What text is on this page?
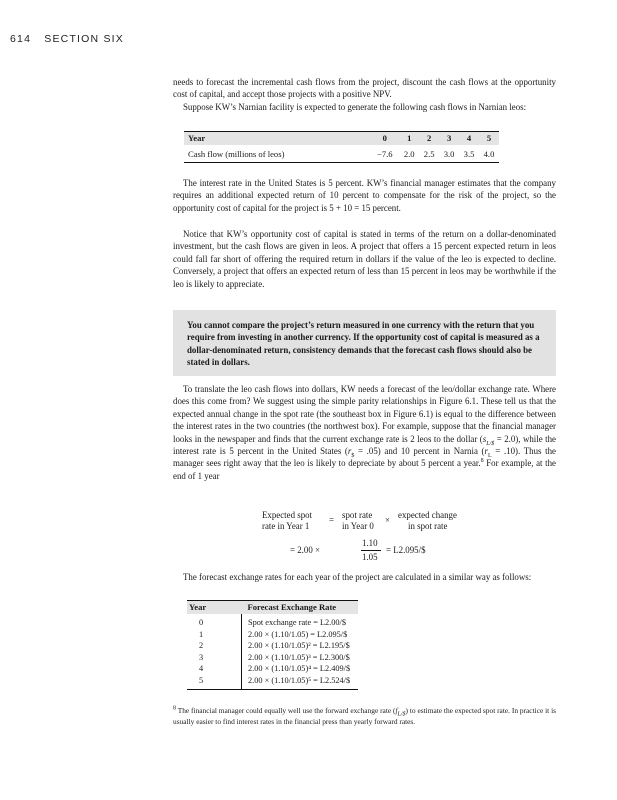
614 SECTION SIX

needs to forecast the incremental cash flows from the project, discount the cash flows at the opportunity cost of capital, and accept those projects with a positive NPV.

Suppose KW’s Narnian facility is expected to generate the following cash flows in Narnian leos:

Year	0	1	2	3	4	5
Cash flow (millions of leos)	−7.6	2.0	2.5	3.0	3.5	4.0

The interest rate in the United States is 5 percent. KW’s financial manager estimates that the company requires an additional expected return of 10 percent to compensate for the risk of the project, so the opportunity cost of capital for the project is 5 + 10 = 15 percent.

Notice that KW’s opportunity cost of capital is stated in terms of the return on a dollar-denominated investment, but the cash flows are given in leos. A project that offers a 15 percent expected return in leos could fall far short of offering the required return in dollars if the value of the leo is expected to decline. Conversely, a project that offers an expected return of less than 15 percent in leos may be worthwhile if the leo is likely to appreciate.

You cannot compare the project’s return measured in one currency with the return that you require from investing in another currency. If the opportunity cost of capital is measured as a dollar-denominated return, consistency demands that the forecast cash flows should also be stated in dollars.

To translate the leo cash flows into dollars, KW needs a forecast of the leo/dollar exchange rate. Where does this come from? We suggest using the simple parity relationships in Figure 6.1. These tell us that the expected annual change in the spot rate (the southeast box in Figure 6.1) is equal to the difference between the interest rates in the two countries (the northwest box). For example, suppose that the financial manager looks in the newspaper and finds that the current exchange rate is 2 leos to the dollar $(s_{L/\$} = 2.0)$, while the interest rate is 5 percent in the United States $(r_{\$} = .05)$ and 10 percent in Narnia $(r_L = .10)$. Thus the manager sees right away that the leo is likely to depreciate by about 5 percent a year.$^8$ For example, at the end of 1 year

Expected spot
rate in Year 1
= spot rate
in Year 0
× expected change
in spot rate
= 2.00 ×
1.10
1.05
= L2.095/$

The forecast exchange rates for each year of the project are calculated in a similar way as follows:

Year	Forecast Exchange Rate
0	Spot exchange rate = L2.00/$
1	2.00 × (1.10/1.05) = L2.095/$
2	2.00 × (1.10/1.05)² = L2.195/$
3	2.00 × (1.10/1.05)³ = L2.300/$
4	2.00 × (1.10/1.05)⁴ = L2.409/$
5	2.00 × (1.10/1.05)⁵ = L2.524/$
$^8$ The financial manager could equally well use the forward exchange rate $(f_{L/\$})$ to estimate the expected spot rate. In practice it is usually easier to find interest rates in the financial press than yearly forward rates.
